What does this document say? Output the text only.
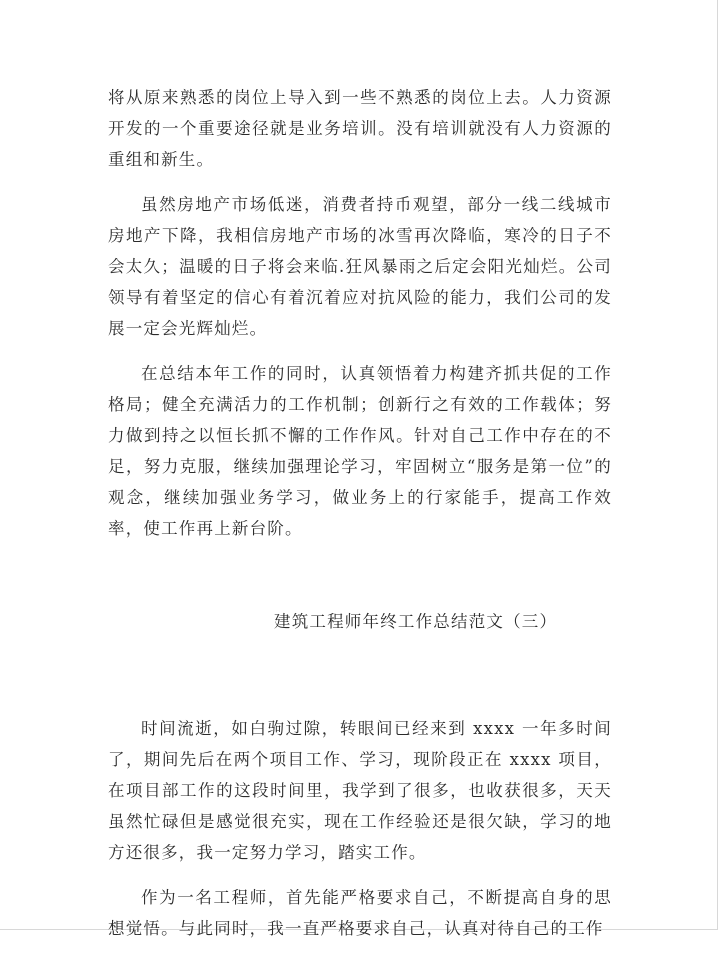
将从原来熟悉的岗位上导入到一些不熟悉的岗位上去。人力资源开发的一个重要途径就是业务培训。没有培训就没有人力资源的重组和新生。

虽然房地产市场低迷，消费者持币观望，部分一线二线城市房地产下降，我相信房地产市场的冰雪再次降临，寒冷的日子不会太久；温暖的日子将会来临.狂风暴雨之后定会阳光灿烂。公司领导有着坚定的信心有着沉着应对抗风险的能力，我们公司的发展一定会光辉灿烂。

在总结本年工作的同时，认真领悟着力构建齐抓共促的工作格局；健全充满活力的工作机制；创新行之有效的工作载体；努力做到持之以恒长抓不懈的工作作风。针对自己工作中存在的不足，努力克服，继续加强理论学习，牢固树立“服务是第一位”的观念，继续加强业务学习，做业务上的行家能手，提高工作效率，使工作再上新台阶。

建筑工程师年终工作总结范文（三）

时间流逝，如白驹过隙，转眼间已经来到 xxxx 一年多时间了，期间先后在两个项目工作、学习，现阶段正在 xxxx 项目，在项目部工作的这段时间里，我学到了很多，也收获很多，天天虽然忙碌但是感觉很充实，现在工作经验还是很欠缺，学习的地方还很多，我一定努力学习，踏实工作。

作为一名工程师，首先能严格要求自己，不断提高自身的思想觉悟。与此同时，我一直严格要求自己，认真对待自己的工作
